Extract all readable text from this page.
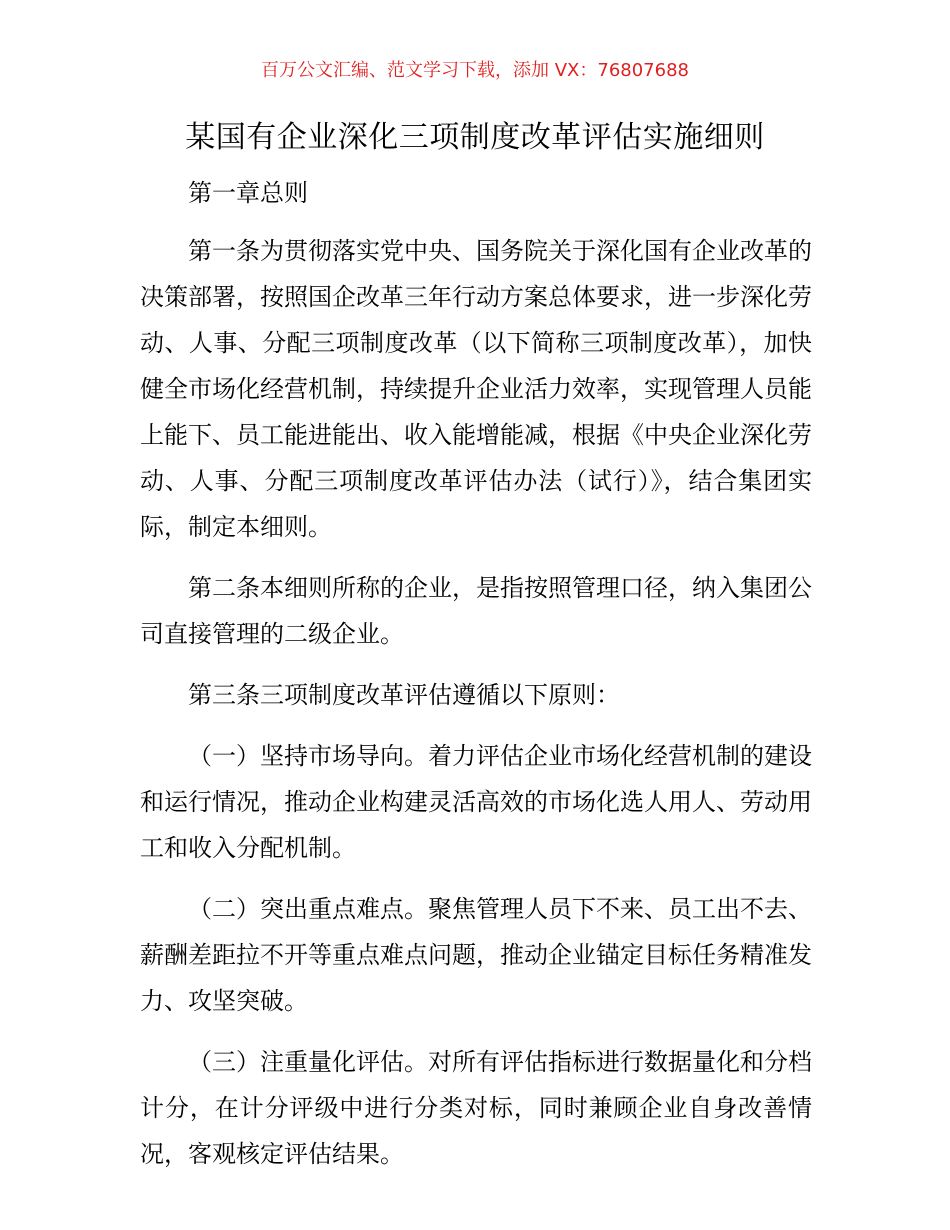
百万公文汇编、范文学习下载，添加 VX：76807688
某国有企业深化三项制度改革评估实施细则

第一章总则

第一条为贯彻落实党中央、国务院关于深化国有企业改革的决策部署，按照国企改革三年行动方案总体要求，进一步深化劳动、人事、分配三项制度改革（以下简称三项制度改革），加快健全市场化经营机制，持续提升企业活力效率，实现管理人员能上能下、员工能进能出、收入能增能减，根据《中央企业深化劳动、人事、分配三项制度改革评估办法（试行）》，结合集团实际，制定本细则。

第二条本细则所称的企业，是指按照管理口径，纳入集团公司直接管理的二级企业。

第三条三项制度改革评估遵循以下原则：

（一）坚持市场导向。着力评估企业市场化经营机制的建设和运行情况，推动企业构建灵活高效的市场化选人用人、劳动用工和收入分配机制。

（二）突出重点难点。聚焦管理人员下不来、员工出不去、薪酬差距拉不开等重点难点问题，推动企业锚定目标任务精准发力、攻坚突破。

（三）注重量化评估。对所有评估指标进行数据量化和分档计分，在计分评级中进行分类对标，同时兼顾企业自身改善情况，客观核定评估结果。
